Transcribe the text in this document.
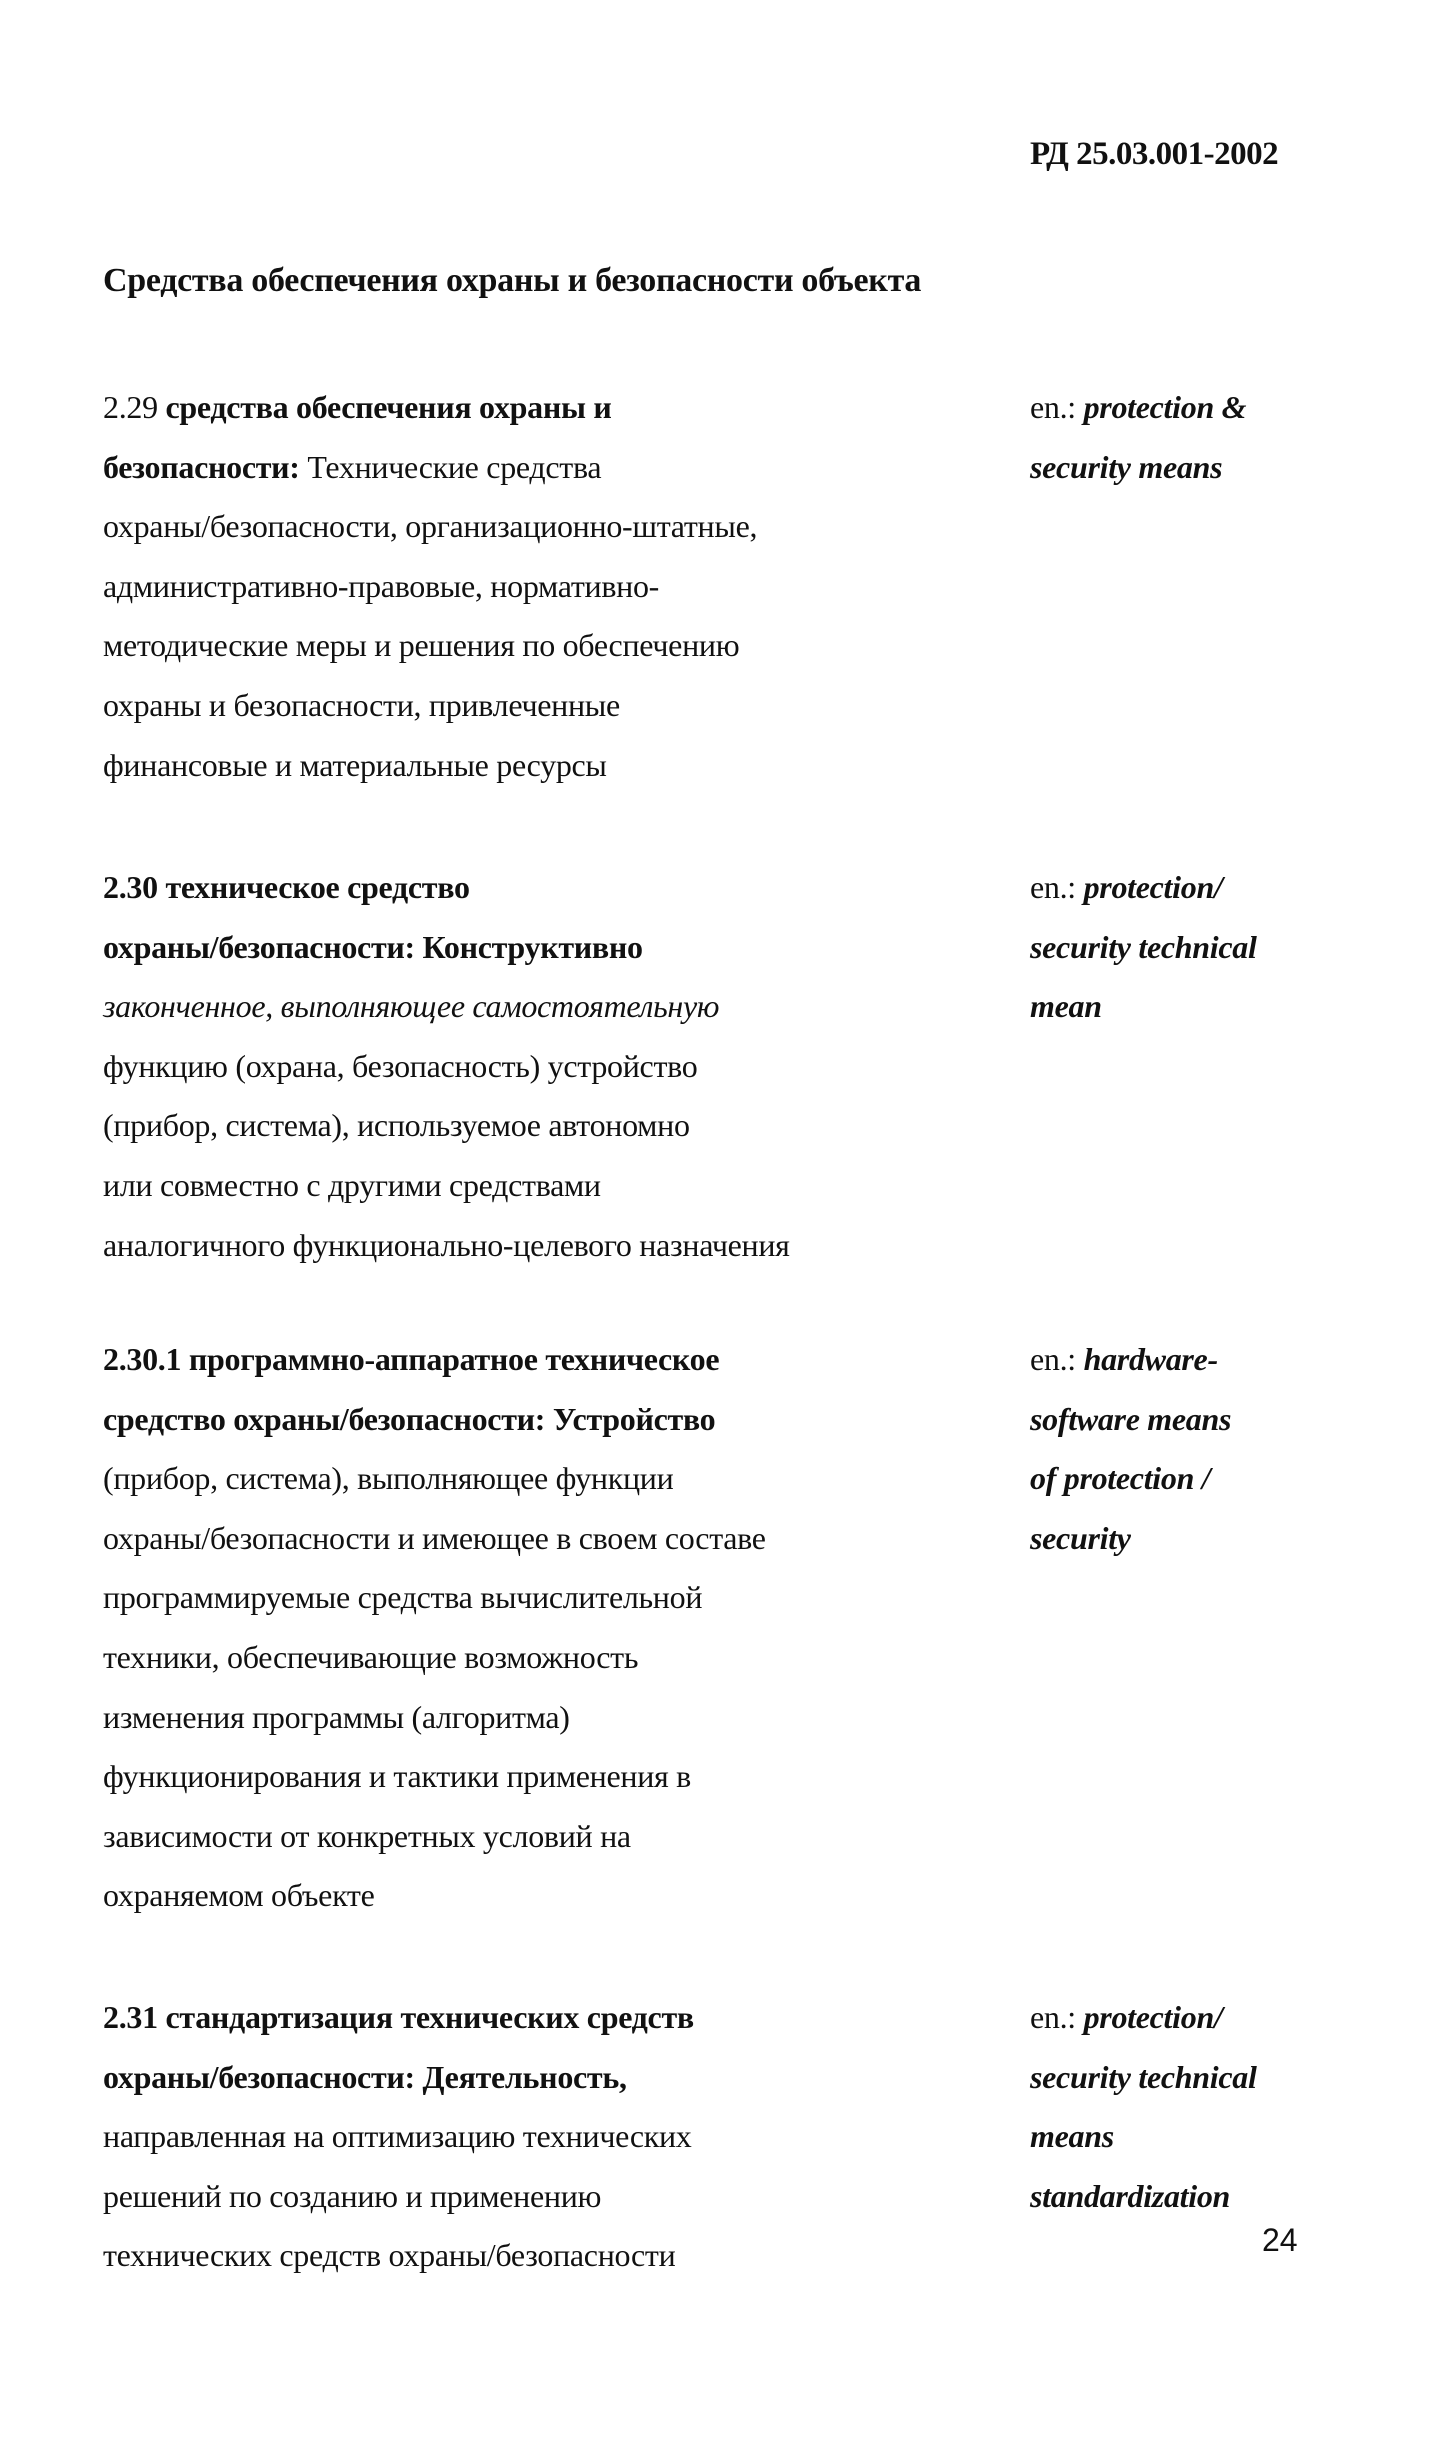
РД 25.03.001-2002
Средства обеспечения охраны и безопасности объекта
2.29 средства обеспечения охраны и
безопасности: Технические средства
охраны/безопасности, организационно-штатные,
административно-правовые, нормативно-
методические меры и решения по обеспечению
охраны и безопасности, привлеченные
финансовые и материальные ресурсы
en.: protection &
security means
2.30 техническое средство
охраны/безопасности: Конструктивно
законченное, выполняющее самостоятельную
функцию (охрана, безопасность) устройство
(прибор, система), используемое автономно
или совместно с другими средствами
аналогичного функционально-целевого назначения
en.: protection/
security technical
mean
2.30.1 программно-аппаратное техническое
средство охраны/безопасности: Устройство
(прибор, система), выполняющее функции
охраны/безопасности и имеющее в своем составе
программируемые средства вычислительной
техники, обеспечивающие возможность
изменения программы (алгоритма)
функционирования и тактики применения в
зависимости от конкретных условий на
охраняемом объекте
en.: hardware-
software means
of protection /
security
2.31 стандартизация технических средств
охраны/безопасности: Деятельность,
направленная на оптимизацию технических
решений по созданию и применению
технических средств охраны/безопасности
en.: protection/
security technical
means
standardization
24
